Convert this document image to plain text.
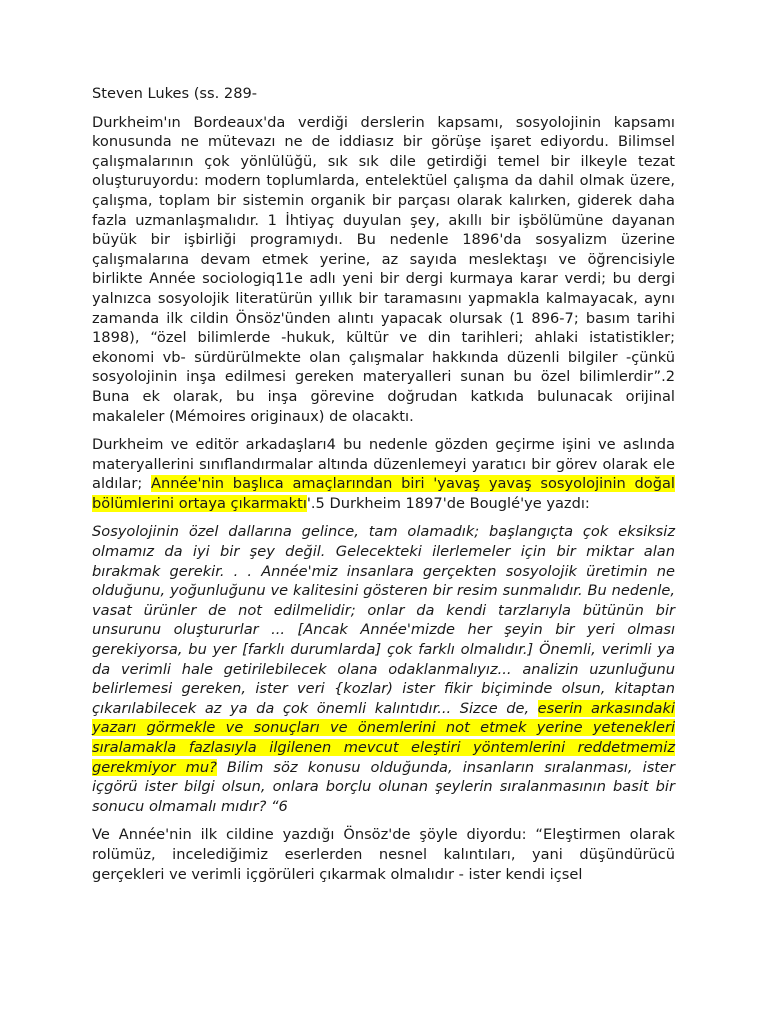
Steven Lukes (ss. 289-

Durkheim'ın Bordeaux'da verdiği derslerin kapsamı, sosyolojinin kapsamı konusunda ne mütevazı ne de iddiasız bir görüşe işaret ediyordu. Bilimsel çalışmalarının çok yönlülüğü, sık sık dile getirdiği temel bir ilkeyle tezat oluşturuyordu: modern toplumlarda, entelektüel çalışma da dahil olmak üzere, çalışma, toplam bir sistemin organik bir parçası olarak kalırken, giderek daha fazla uzmanlaşmalıdır. 1 İhtiyaç duyulan şey, akıllı bir işbölümüne dayanan büyük bir işbirliği programıydı. Bu nedenle 1896'da sosyalizm üzerine çalışmalarına devam etmek yerine, az sayıda meslektaşı ve öğrencisiyle birlikte Année sociologiq11e adlı yeni bir dergi kurmaya karar verdi; bu dergi yalnızca sosyolojik literatürün yıllık bir taramasını yapmakla kalmayacak, aynı zamanda ilk cildin Önsöz'ünden alıntı yapacak olursak (1 896-7; basım tarihi 1898), “özel bilimlerde -hukuk, kültür ve din tarihleri; ahlaki istatistikler; ekonomi vb- sürdürülmekte olan çalışmalar hakkında düzenli bilgiler -çünkü sosyolojinin inşa edilmesi gereken materyalleri sunan bu özel bilimlerdir”.2 Buna ek olarak, bu inşa görevine doğrudan katkıda bulunacak orijinal makaleler (Mémoires originaux) de olacaktı.

Durkheim ve editör arkadaşları4 bu nedenle gözden geçirme işini ve aslında materyallerini sınıflandırmalar altında düzenlemeyi yaratıcı bir görev olarak ele aldılar; Année'nin başlıca amaçlarından biri 'yavaş yavaş sosyolojinin doğal bölümlerini ortaya çıkarmaktı'.5 Durkheim 1897'de Bouglé'ye yazdı:

Sosyolojinin özel dallarına gelince, tam olamadık; başlangıçta çok eksiksiz olmamız da iyi bir şey değil. Gelecekteki ilerlemeler için bir miktar alan bırakmak gerekir. . . Année'miz insanlara gerçekten sosyolojik üretimin ne olduğunu, yoğunluğunu ve kalitesini gösteren bir resim sunmalıdır. Bu nedenle, vasat ürünler de not edilmelidir; onlar da kendi tarzlarıyla bütünün bir unsurunu oluştururlar ... [Ancak Année'mizde her şeyin bir yeri olması gerekiyorsa, bu yer [farklı durumlarda] çok farklı olmalıdır.] Önemli, verimli ya da verimli hale getirilebilecek olana odaklanmalıyız... analizin uzunluğunu belirlemesi gereken, ister veri {kozlar) ister fikir biçiminde olsun, kitaptan çıkarılabilecek az ya da çok önemli kalıntıdır... Sizce de, eserin arkasındaki yazarı görmekle ve sonuçları ve önemlerini not etmek yerine yetenekleri sıralamakla fazlasıyla ilgilenen mevcut eleştiri yöntemlerini reddetmemiz gerekmiyor mu? Bilim söz konusu olduğunda, insanların sıralanması, ister içgörü ister bilgi olsun, onlara borçlu olunan şeylerin sıralanmasının basit bir sonucu olmamalı mıdır? “6

Ve Année'nin ilk cildine yazdığı Önsöz'de şöyle diyordu: “Eleştirmen olarak rolümüz, incelediğimiz eserlerden nesnel kalıntıları, yani düşündürücü gerçekleri ve verimli içgörüleri çıkarmak olmalıdır - ister kendi içsel
